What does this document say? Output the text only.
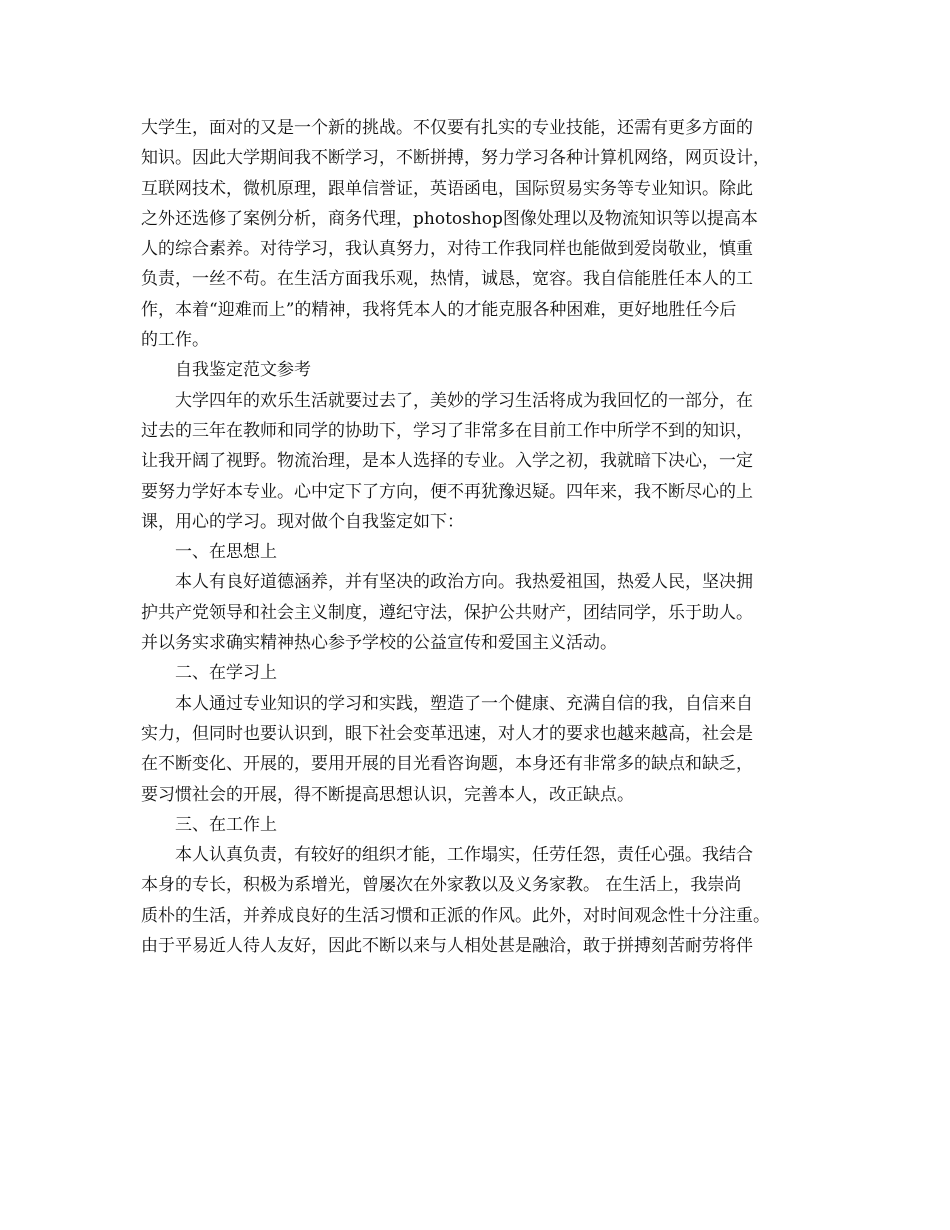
大学生，面对的又是一个新的挑战。不仅要有扎实的专业技能，还需有更多方面的
知识。因此大学期间我不断学习，不断拼搏，努力学习各种计算机网络，网页设计，
互联网技术，微机原理，跟单信誉证，英语函电，国际贸易实务等专业知识。除此
之外还选修了案例分析，商务代理，photoshop图像处理以及物流知识等以提高本
人的综合素养。对待学习，我认真努力，对待工作我同样也能做到爱岗敬业，慎重
负责，一丝不苟。在生活方面我乐观，热情，诚恳，宽容。我自信能胜任本人的工
作，本着“迎难而上”的精神，我将凭本人的才能克服各种困难，更好地胜任今后
的工作。
自我鉴定范文参考
大学四年的欢乐生活就要过去了，美妙的学习生活将成为我回忆的一部分，在
过去的三年在教师和同学的协助下，学习了非常多在目前工作中所学不到的知识，
让我开阔了视野。物流治理，是本人选择的专业。入学之初，我就暗下决心，一定
要努力学好本专业。心中定下了方向，便不再犹豫迟疑。四年来，我不断尽心的上
课，用心的学习。现对做个自我鉴定如下：
一、在思想上
本人有良好道德涵养，并有坚决的政治方向。我热爱祖国，热爱人民，坚决拥
护共产党领导和社会主义制度，遵纪守法，保护公共财产，团结同学，乐于助人。
并以务实求确实精神热心参予学校的公益宣传和爱国主义活动。
二、在学习上
本人通过专业知识的学习和实践，塑造了一个健康、充满自信的我，自信来自
实力，但同时也要认识到，眼下社会变革迅速，对人才的要求也越来越高，社会是
在不断变化、开展的，要用开展的目光看咨询题，本身还有非常多的缺点和缺乏，
要习惯社会的开展，得不断提高思想认识，完善本人，改正缺点。
三、在工作上
本人认真负责，有较好的组织才能，工作塌实，任劳任怨，责任心强。我结合
本身的专长，积极为系增光，曾屡次在外家教以及义务家教。 在生活上，我崇尚
质朴的生活，并养成良好的生活习惯和正派的作风。此外，对时间观念性十分注重。
由于平易近人待人友好，因此不断以来与人相处甚是融洽，敢于拼搏刻苦耐劳将伴
